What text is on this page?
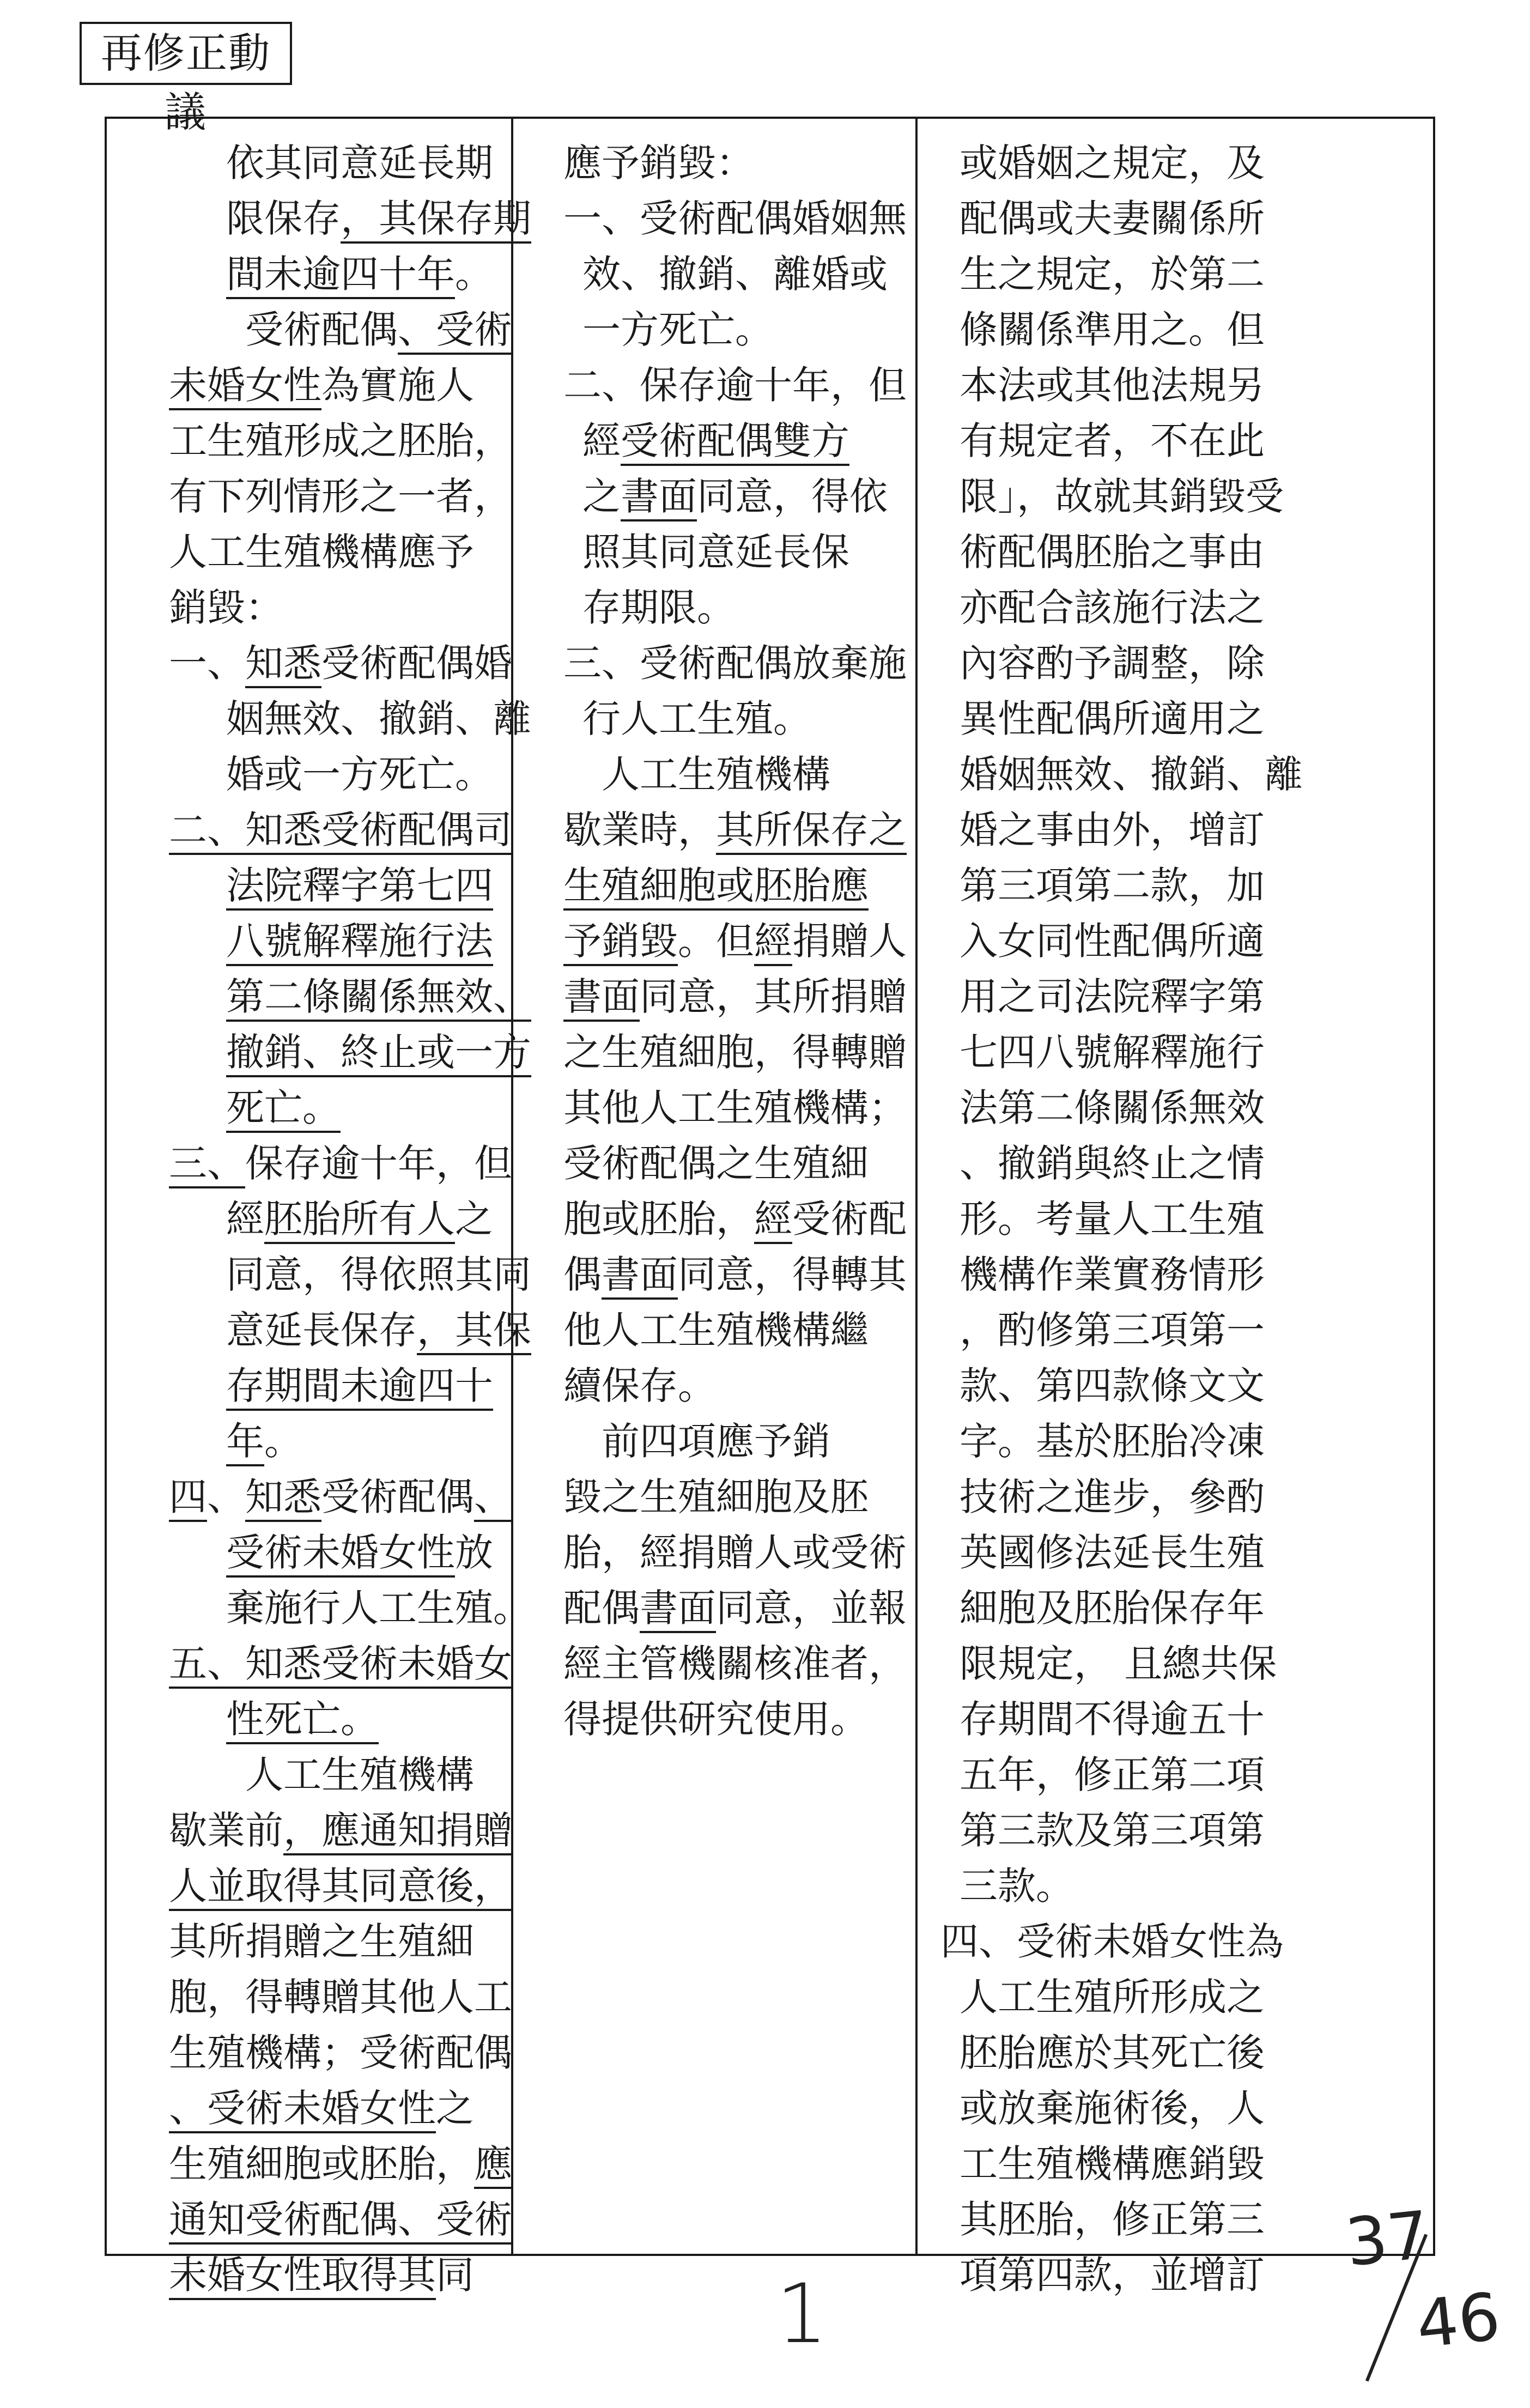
再修正動議
依其同意延長期
限保存，其保存期
間未逾四十年。
受術配偶、受術
未婚女性為實施人
工生殖形成之胚胎，
有下列情形之一者，
人工生殖機構應予
銷毀：
一、知悉受術配偶婚
姻無效、撤銷、離
婚或一方死亡。
二、知悉受術配偶司
法院釋字第七四
八號解釋施行法
第二條關係無效、
撤銷、終止或一方
死亡。
三、保存逾十年，但
經胚胎所有人之
同意，得依照其同
意延長保存，其保
存期間未逾四十
年。
四、知悉受術配偶、
受術未婚女性放
棄施行人工生殖。
五、知悉受術未婚女
性死亡。
人工生殖機構
歇業前，應通知捐贈
人並取得其同意後，
其所捐贈之生殖細
胞，得轉贈其他人工
生殖機構；受術配偶
、受術未婚女性之
生殖細胞或胚胎，應
通知受術配偶、受術
未婚女性取得其同
應予銷毀：
一、受術配偶婚姻無
效、撤銷、離婚或
一方死亡。
二、保存逾十年，但
經受術配偶雙方
之書面同意，得依
照其同意延長保
存期限。
三、受術配偶放棄施
行人工生殖。
人工生殖機構
歇業時，其所保存之
生殖細胞或胚胎應
予銷毀。但經捐贈人
書面同意，其所捐贈
之生殖細胞，得轉贈
其他人工生殖機構；
受術配偶之生殖細
胞或胚胎，經受術配
偶書面同意，得轉其
他人工生殖機構繼
續保存。
前四項應予銷
毀之生殖細胞及胚
胎，經捐贈人或受術
配偶書面同意，並報
經主管機關核准者，
得提供研究使用。
或婚姻之規定，及
配偶或夫妻關係所
生之規定，於第二
條關係準用之。但
本法或其他法規另
有規定者，不在此
限」，故就其銷毀受
術配偶胚胎之事由
亦配合該施行法之
內容酌予調整，除
異性配偶所適用之
婚姻無效、撤銷、離
婚之事由外，增訂
第三項第二款，加
入女同性配偶所適
用之司法院釋字第
七四八號解釋施行
法第二條關係無效
、撤銷與終止之情
形。考量人工生殖
機構作業實務情形
，酌修第三項第一
款、第四款條文文
字。基於胚胎冷凍
技術之進步，參酌
英國修法延長生殖
細胞及胚胎保存年
限規定， 且總共保
存期間不得逾五十
五年，修正第二項
第三款及第三項第
三款。
四、受術未婚女性為
人工生殖所形成之
胚胎應於其死亡後
或放棄施術後，人
工生殖機構應銷毀
其胚胎，修正第三
項第四款，並增訂
1
37
46
